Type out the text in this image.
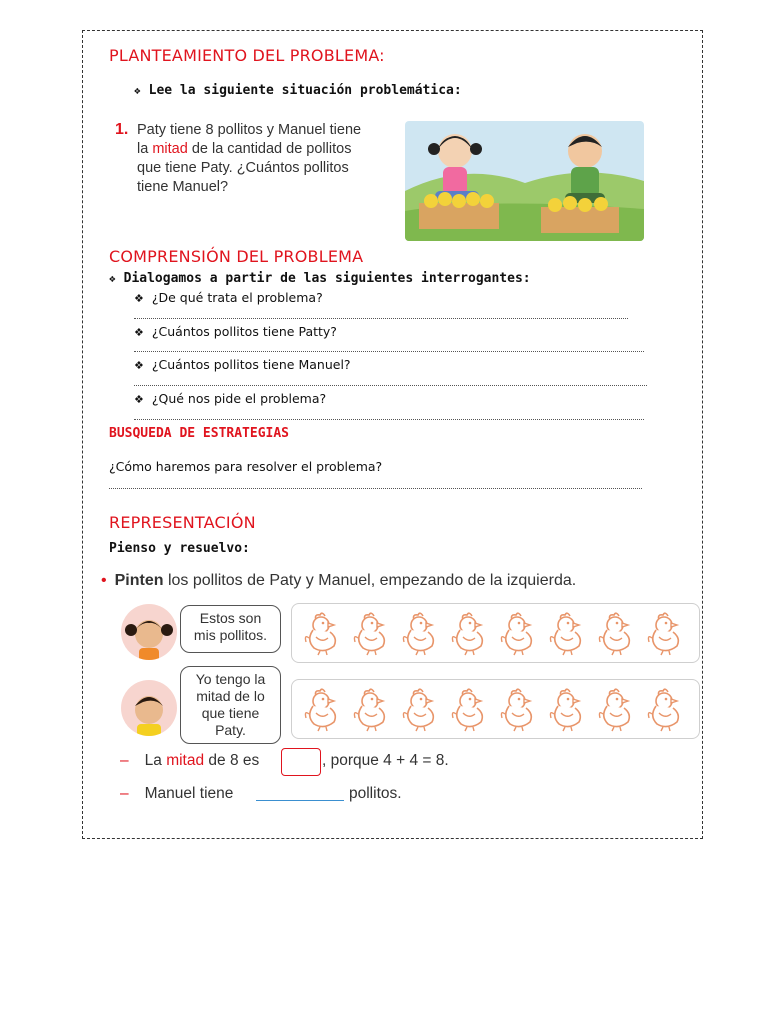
PLANTEAMIENTO DEL PROBLEMA:
❖ Lee la siguiente situación problemática:
1. Paty tiene 8 pollitos y Manuel tiene
la mitad de la cantidad de pollitos
que tiene Paty. ¿Cuántos pollitos
tiene Manuel?
COMPRENSIÓN DEL PROBLEMA
❖ Dialogamos a partir de las siguientes interrogantes:
❖ ¿De qué trata el problema?
❖ ¿Cuántos pollitos tiene Patty?
❖ ¿Cuántos pollitos tiene Manuel?
❖ ¿Qué nos pide el problema?
BUSQUEDA DE ESTRATEGIAS
¿Cómo haremos para resolver el problema?
REPRESENTACIÓN
Pienso y resuelvo:
• Pinten los pollitos de Paty y Manuel, empezando de la izquierda.
Estos son
mis pollitos.
Yo tengo la
mitad de lo
que tiene
Paty.
– La mitad de 8 es	, porque 4 + 4 = 8.
– Manuel tiene	pollitos.
